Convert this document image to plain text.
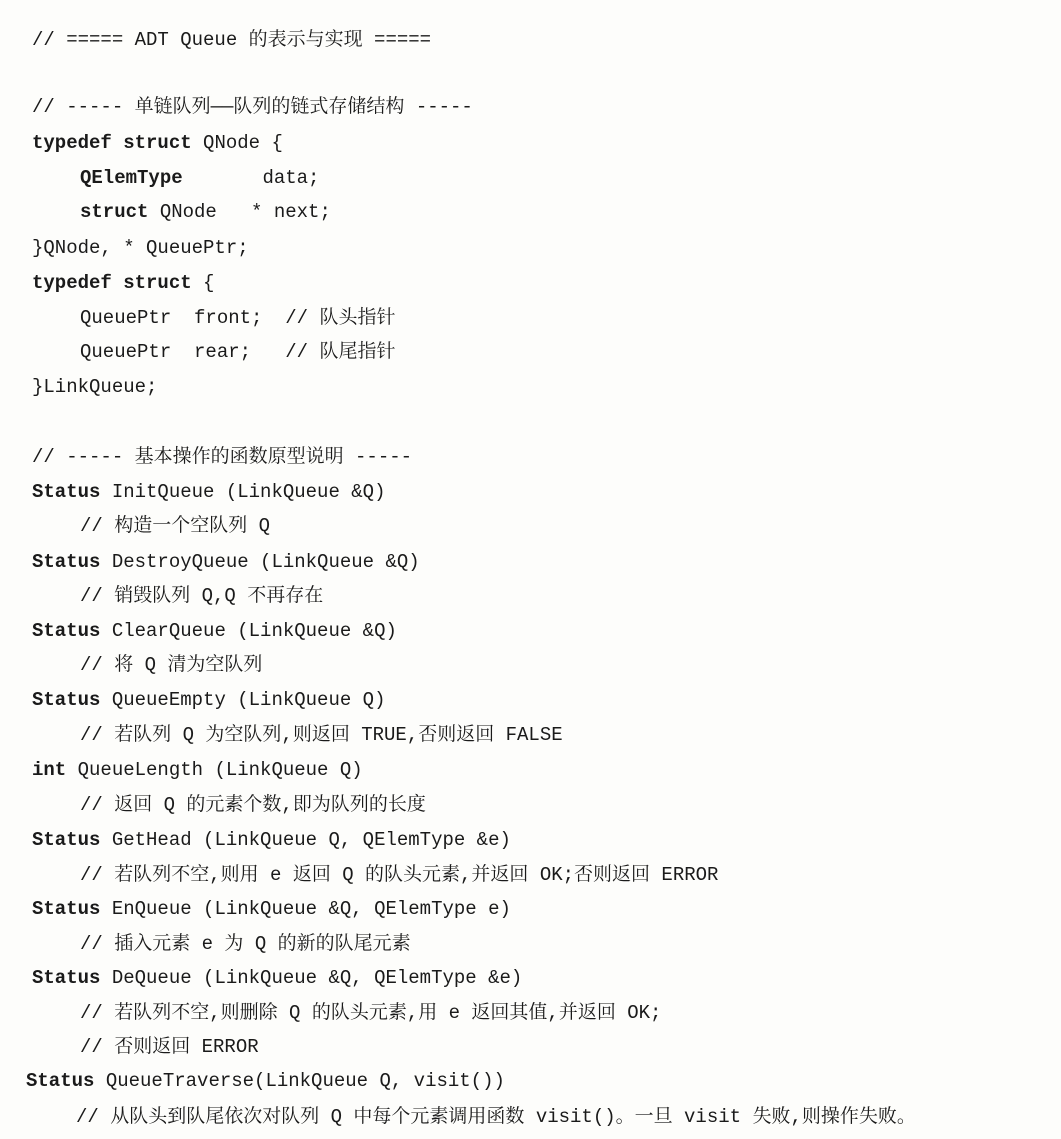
// ===== ADT Queue 的表示与实现 =====
// ----- 单链队列——队列的链式存储结构 -----
typedef struct QNode {
QElemType       data;
struct QNode   * next;
}QNode, * QueuePtr;
typedef struct {
QueuePtr  front;  // 队头指针
QueuePtr  rear;   // 队尾指针
}LinkQueue;
// ----- 基本操作的函数原型说明 -----
Status InitQueue (LinkQueue &Q)
// 构造一个空队列 Q
Status DestroyQueue (LinkQueue &Q)
// 销毁队列 Q,Q 不再存在
Status ClearQueue (LinkQueue &Q)
// 将 Q 清为空队列
Status QueueEmpty (LinkQueue Q)
// 若队列 Q 为空队列,则返回 TRUE,否则返回 FALSE
int QueueLength (LinkQueue Q)
// 返回 Q 的元素个数,即为队列的长度
Status GetHead (LinkQueue Q, QElemType &e)
// 若队列不空,则用 e 返回 Q 的队头元素,并返回 OK;否则返回 ERROR
Status EnQueue (LinkQueue &Q, QElemType e)
// 插入元素 e 为 Q 的新的队尾元素
Status DeQueue (LinkQueue &Q, QElemType &e)
// 若队列不空,则删除 Q 的队头元素,用 e 返回其值,并返回 OK;
// 否则返回 ERROR
Status QueueTraverse(LinkQueue Q, visit())
// 从队头到队尾依次对队列 Q 中每个元素调用函数 visit()。一旦 visit 失败,则操作失败。
